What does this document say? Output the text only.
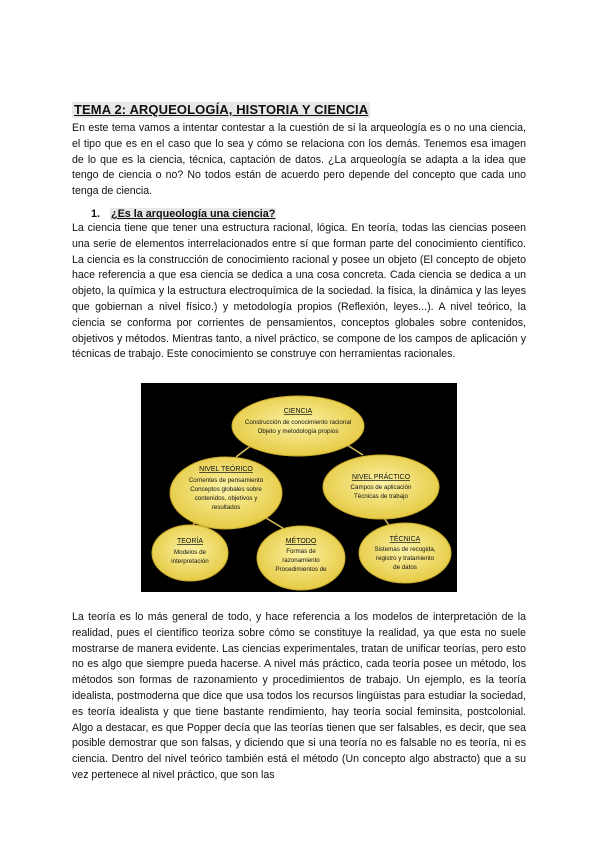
TEMA 2: ARQUEOLOGÍA, HISTORIA Y CIENCIA

En este tema vamos a intentar contestar a la cuestión de si la arqueología es o no una ciencia, el tipo que es en el caso que lo sea y cómo se relaciona con los demás. Tenemos esa imagen de lo que es la ciencia, técnica, captación de datos. ¿La arqueología se adapta a la idea que tengo de ciencia o no? No todos están de acuerdo pero depende del concepto que cada uno tenga de ciencia.

1. ¿Es la arqueología una ciencia?

La ciencia tiene que tener una estructura racional, lógica. En teoría, todas las ciencias poseen una serie de elementos interrelacionados entre sí que forman parte del conocimiento científico. La ciencia es la construcción de conocimiento racional y posee un objeto (El concepto de objeto hace referencia a que esa ciencia se dedica a una cosa concreta. Cada ciencia se dedica a un objeto, la química y la estructura electroquímica de la sociedad. la física, la dinámica y las leyes que gobiernan a nivel físico.) y metodología propios (Reflexión, leyes...). A nivel teórico, la ciencia se conforma por corrientes de pensamientos, conceptos globales sobre contenidos, objetivos y métodos. Mientras tanto, a nivel práctico, se compone de los campos de aplicación y técnicas de trabajo. Este conocimiento se construye con herramientas racionales.

CIENCIA
Construcción de conocimiento racional
Objeto y metodología propios
NIVEL TEÓRICO
Corrientes de pensamiento
Conceptos globales sobre
contenidos, objetivos y
resultados
NIVEL PRÁCTICO
Campos de aplicación
Técnicas de trabajo
TEORÍA
Modelos de
interpretación
MÉTODO
Formas de
razonamiento
Procedimientos de
TÉCNICA
Sistemas de recogida,
registro y tratamiento
de datos

La teoría es lo más general de todo, y hace referencia a los modelos de interpretación de la realidad, pues el científico teoriza sobre cómo se constituye la realidad, ya que esta no suele mostrarse de manera evidente. Las ciencias experimentales, tratan de unificar teorías, pero esto no es algo que siempre pueda hacerse. A nivel más práctico, cada teoría posee un método, los métodos son formas de razonamiento y procedimientos de trabajo. Un ejemplo, es la teoría idealista, postmoderna que dice que usa todos los recursos lingüistas para estudiar la sociedad, es teoría idealista y que tiene bastante rendimiento, hay teoría social feminsita, postcolonial. Algo a destacar, es que Popper decía que las teorías tienen que ser falsables, es decir, que sea posible demostrar que son falsas, y diciendo que si una teoría no es falsable no es teoría, ni es ciencia. Dentro del nivel teórico también está el método (Un concepto algo abstracto) que a su vez pertenece al nivel práctico, que son las
